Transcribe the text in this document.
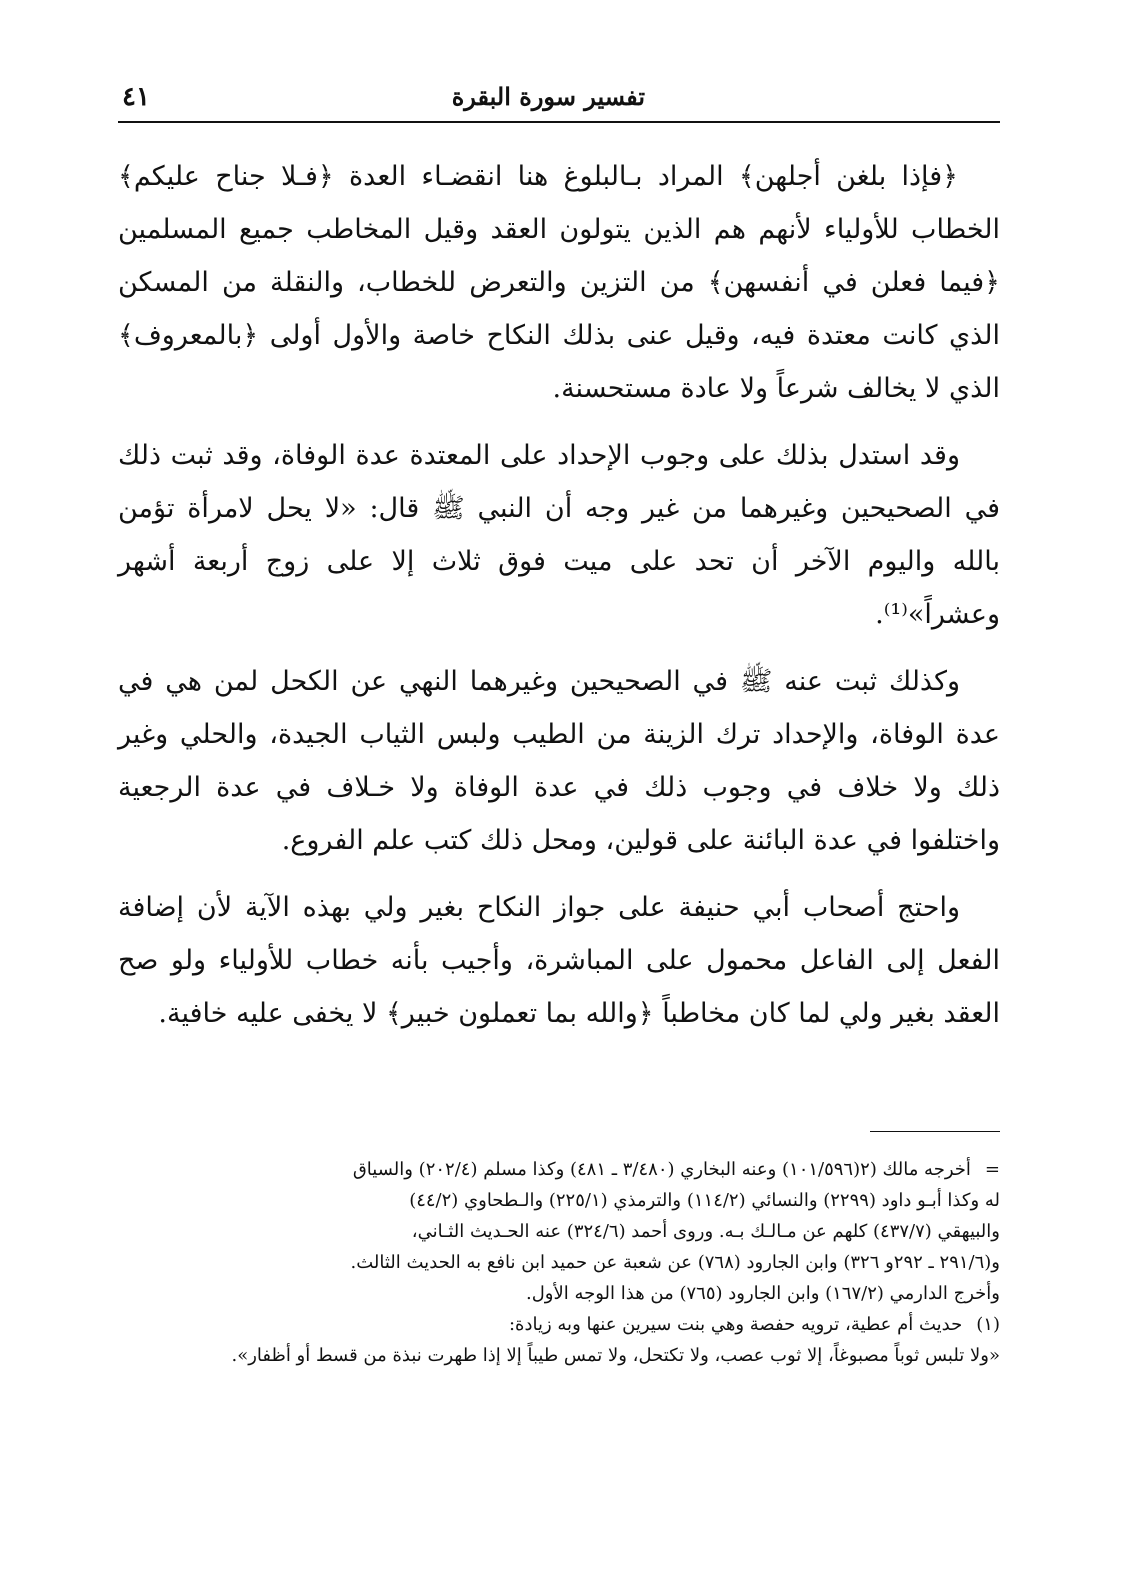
تفسير سورة البقرة
٤١

﴿فإذا بلغن أجلهن﴾ المراد بـالبلوغ هنا انقضـاء العدة ﴿فـلا جناح عليكم﴾ الخطاب للأولياء لأنهم هم الذين يتولون العقد وقيل المخاطب جميع المسلمين ﴿فيما فعلن في أنفسهن﴾ من التزين والتعرض للخطاب، والنقلة من المسكن الذي كانت معتدة فيه، وقيل عنى بذلك النكاح خاصة والأول أولى ﴿بالمعروف﴾ الذي لا يخالف شرعاً ولا عادة مستحسنة.

وقد استدل بذلك على وجوب الإحداد على المعتدة عدة الوفاة، وقد ثبت ذلك في الصحيحين وغيرهما من غير وجه أن النبي ﷺ قال: «لا يحل لامرأة تؤمن بالله واليوم الآخر أن تحد على ميت فوق ثلاث إلا على زوج أربعة أشهر وعشراً»⁽¹⁾.

وكذلك ثبت عنه ﷺ في الصحيحين وغيرهما النهي عن الكحل لمن هي في عدة الوفاة، والإحداد ترك الزينة من الطيب ولبس الثياب الجيدة، والحلي وغير ذلك ولا خلاف في وجوب ذلك في عدة الوفاة ولا خـلاف في عدة الرجعية واختلفوا في عدة البائنة على قولين، ومحل ذلك كتب علم الفروع.

واحتج أصحاب أبي حنيفة على جواز النكاح بغير ولي بهذه الآية لأن إضافة الفعل إلى الفاعل محمول على المباشرة، وأجيب بأنه خطاب للأولياء ولو صح العقد بغير ولي لما كان مخاطباً ﴿والله بما تعملون خبير﴾ لا يخفى عليه خافية.

=أخرجه مالك (٢(١٠١/٥٩٦) وعنه البخاري (٣/٤٨٠ ـ ٤٨١) وكذا مسلم (٢٠٢/٤) والسياق

له وكذا أبـو داود (٢٢٩٩) والنسائي (١١٤/٢) والترمذي (٢٢٥/١) والـطحاوي (٤٤/٢)

والبيهقي (٤٣٧/٧) كلهم عن مـالـك بـه. وروى أحمد (٣٢٤/٦) عنه الحـديث الثـاني،

و(٢٩١/٦ ـ ٢٩٢و ٣٢٦) وابن الجارود (٧٦٨) عن شعبة عن حميد ابن نافع به الحديث الثالث.

وأخرج الدارمي (١٦٧/٢) وابن الجارود (٧٦٥) من هذا الوجه الأول.

(١)حديث أم عطية، ترويه حفصة وهي بنت سيرين عنها وبه زيادة:

«ولا تلبس ثوباً مصبوغاً، إلا ثوب عصب، ولا تكتحل، ولا تمس طيباً إلا إذا طهرت نبذة من قسط أو أظفار».
